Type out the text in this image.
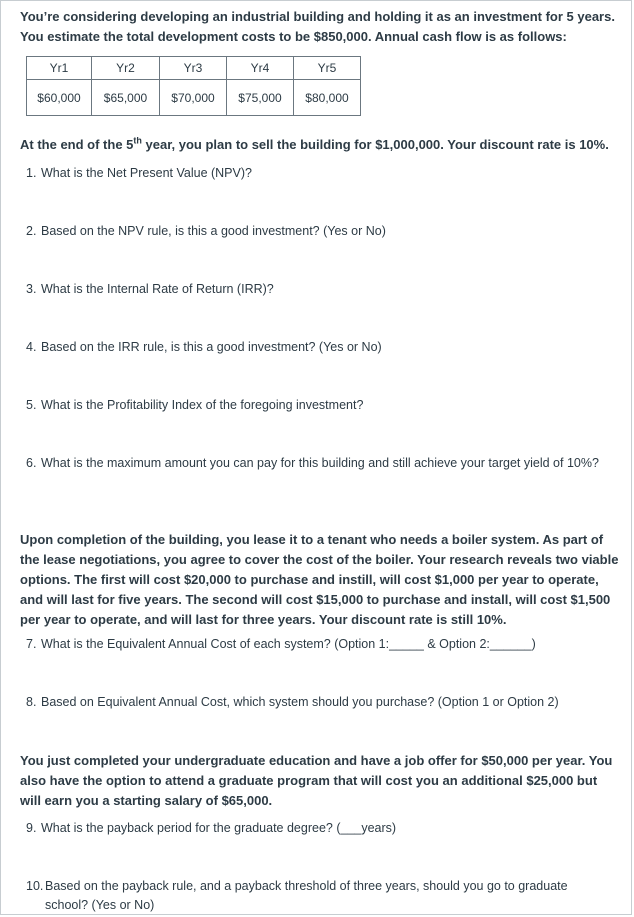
You’re considering developing an industrial building and holding it as an investment for 5 years. You estimate the total development costs to be $850,000. Annual cash flow is as follows:
Yr1	Yr2	Yr3	Yr4	Yr5
$60,000	$65,000	$70,000	$75,000	$80,000
At the end of the 5th year, you plan to sell the building for $1,000,000. Your discount rate is 10%.
1. What is the Net Present Value (NPV)?
2. Based on the NPV rule, is this a good investment? (Yes or No)
3. What is the Internal Rate of Return (IRR)?
4. Based on the IRR rule, is this a good investment? (Yes or No)
5. What is the Profitability Index of the foregoing investment?
6. What is the maximum amount you can pay for this building and still achieve your target yield of 10%?
Upon completion of the building, you lease it to a tenant who needs a boiler system. As part of the lease negotiations, you agree to cover the cost of the boiler. Your research reveals two viable options. The first will cost $20,000 to purchase and instill, will cost $1,000 per year to operate, and will last for five years. The second will cost $15,000 to purchase and install, will cost $1,500 per year to operate, and will last for three years. Your discount rate is still 10%.
7. What is the Equivalent Annual Cost of each system? (Option 1:_____ & Option 2:______)
8. Based on Equivalent Annual Cost, which system should you purchase? (Option 1 or Option 2)
You just completed your undergraduate education and have a job offer for $50,000 per year. You also have the option to attend a graduate program that will cost you an additional $25,000 but will earn you a starting salary of $65,000.
9. What is the payback period for the graduate degree? (___years)
10. Based on the payback rule, and a payback threshold of three years, should you go to graduate school? (Yes or No)
